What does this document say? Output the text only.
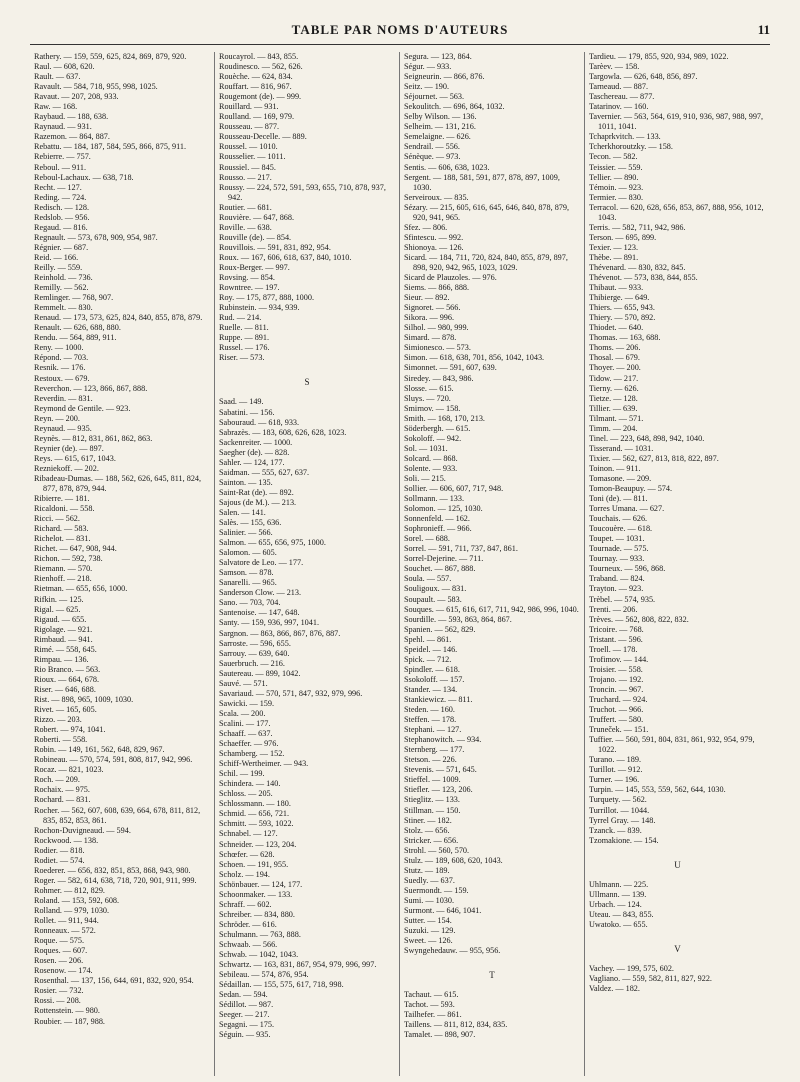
TABLE PAR NOMS D'AUTEURS	11
Rathery. — 159, 559, 625, 824, 869, 879, 920.
Raul. — 608, 620.
Rault. — 637.
Ravault. — 584, 718, 955, 998, 1025.
Ravaut. — 207, 208, 933.
Raw. — 168.
Raybaud. — 188, 638.
Raynaud. — 931.
Razemon. — 864, 887.
Rebattu. — 184, 187, 584, 595, 866, 875, 911.
Rebierre. — 757.
Reboul. — 911.
Reboul-Lachaux. — 638, 718.
Recht. — 127.
Reding. — 724.
Redisch. — 128.
Redslob. — 956.
Regaud. — 816.
Regnault. — 573, 678, 909, 954, 987.
Régnier. — 687.
Reid. — 166.
Reilly. — 559.
Reinhold. — 736.
Remilly. — 562.
Remlinger. — 768, 907.
Remmelt. — 830.
Renaud. — 173, 573, 625, 824, 840, 855, 878, 879.
Renault. — 626, 688, 880.
Rendu. — 564, 889, 911.
Reny. — 1000.
Répond. — 703.
Resnik. — 176.
Restoux. — 679.
Reverchon. — 123, 866, 867, 888.
Reverdin. — 831.
Reymond de Gentile. — 923.
Reyn. — 200.
Reynaud. — 935.
Reynès. — 812, 831, 861, 862, 863.
Reynier (de). — 897.
Reys. — 615, 617, 1043.
Rezniekoff. — 202.
Ribadeau-Dumas. — 188, 562, 626, 645, 811, 824, 877, 878, 879, 944.
Ribierre. — 181.
Ricaldoni. — 558.
Ricci. — 562.
Richard. — 583.
Richelot. — 831.
Richet. — 647, 908, 944.
Richon. — 592, 738.
Riemann. — 570.
Rienhoff. — 218.
Rietman. — 655, 656, 1000.
Rifkin. — 125.
Rigal. — 625.
Rigaud. — 655.
Rigolage. — 921.
Rimbaud. — 941.
Rimé. — 558, 645.
Rimpau. — 136.
Rio Branco. — 563.
Rioux. — 664, 678.
Riser. — 646, 688.
Rist. — 898, 965, 1009, 1030.
Rivet. — 165, 605.
Rizzo. — 203.
Robert. — 974, 1041.
Roberti. — 558.
Robin. — 149, 161, 562, 648, 829, 967.
Robineau. — 570, 574, 591, 808, 817, 942, 996.
Rocaz. — 821, 1023.
Roch. — 209.
Rochaix. — 975.
Rochard. — 831.
Rocher. — 562, 607, 608, 639, 664, 678, 811, 812, 835, 852, 853, 861.
Rochon-Duvigneaud. — 594.
Rockwood. — 138.
Rodier. — 818.
Rodiet. — 574.
Roederer. — 656, 832, 851, 853, 868, 943, 980.
Roger. — 582, 614, 638, 718, 720, 901, 911, 999.
Rohmer. — 812, 829.
Roland. — 153, 592, 608.
Rolland. — 979, 1030.
Rollet. — 911, 944.
Ronneaux. — 572.
Roque. — 575.
Roques. — 607.
Rosen. — 206.
Rosenow. — 174.
Rosenthal. — 137, 156, 644, 691, 832, 920, 954.
Rosier. — 732.
Rossi. — 208.
Rottenstein. — 980.
Roubier. — 187, 988.
Roucayrol. — 843, 855.
Roudinesco. — 562, 626.
Rouèche. — 624, 834.
Rouffart. — 816, 967.
Rougemont (de). — 999.
Rouillard. — 931.
Roulland. — 169, 979.
Rousseau. — 877.
Rousseau-Decelle. — 889.
Roussel. — 1010.
Rousselier. — 1011.
Roussiel. — 845.
Rousso. — 217.
Roussy. — 224, 572, 591, 593, 655, 710, 878, 937, 942.
Routier. — 681.
Rouvière. — 647, 868.
Roville. — 638.
Rouville (de). — 854.
Rouvillois. — 591, 831, 892, 954.
Roux. — 167, 606, 618, 637, 840, 1010.
Roux-Berger. — 997.
Rovsing. — 854.
Rowntree. — 197.
Roy. — 175, 877, 888, 1000.
Rubinstein. — 934, 939.
Rud. — 214.
Ruelle. — 811.
Ruppe. — 891.
Russel. — 176.
Riser. — 573.
S
Saad. — 149.
Sabatini. — 156.
Sabouraud. — 618, 933.
Sabrazès. — 183, 608, 626, 628, 1023.
Sackenreiter. — 1000.
Saegher (de). — 828.
Sahler. — 124, 177.
Saidman. — 555, 627, 637.
Sainton. — 135.
Saint-Rat (de). — 892.
Sajous (de M.). — 213.
Salen. — 141.
Salès. — 155, 636.
Salinier. — 566.
Salmon. — 655, 656, 975, 1000.
Salomon. — 605.
Salvatore de Leo. — 177.
Samson. — 878.
Sanarelli. — 965.
Sanderson Clow. — 213.
Sano. — 703, 704.
Santenoise. — 147, 648.
Santy. — 159, 936, 997, 1041.
Sargnon. — 863, 866, 867, 876, 887.
Sarroste. — 596, 655.
Sarrouy. — 639, 640.
Sauerbruch. — 216.
Sautereau. — 899, 1042.
Sauvé. — 571.
Savariaud. — 570, 571, 847, 932, 979, 996.
Sawicki. — 159.
Scala. — 200.
Scalini. — 177.
Schaaff. — 637.
Schaeffer. — 976.
Schamberg. — 152.
Schiff-Wertheimer. — 943.
Schil. — 199.
Schindera. — 140.
Schloss. — 205.
Schlossmann. — 180.
Schmid. — 656, 721.
Schmitt. — 593, 1022.
Schnabel. — 127.
Schneider. — 123, 204.
Schœfer. — 628.
Schoen. — 191, 955.
Scholz. — 194.
Schönbauer. — 124, 177.
Schoonmaker. — 133.
Schraff. — 602.
Schreiber. — 834, 880.
Schröder. — 616.
Schulmann. — 763, 888.
Schwaab. — 566.
Schwab. — 1042, 1043.
Schwartz. — 163, 831, 867, 954, 979, 996, 997.
Sebileau. — 574, 876, 954.
Sédaillan. — 155, 575, 617, 718, 998.
Sedan. — 594.
Sédillot. — 987.
Seeger. — 217.
Segagni. — 175.
Séguin. — 935.
Segura. — 123, 864.
Ségur. — 933.
Seigneurin. — 866, 876.
Seitz. — 190.
Séjournet. — 563.
Sekoulitch. — 696, 864, 1032.
Selby Wilson. — 136.
Selheim. — 131, 216.
Semelaigne. — 626.
Sendrail. — 556.
Sénèque. — 973.
Sentis. — 606, 638, 1023.
Sergent. — 188, 581, 591, 877, 878, 897, 1009, 1030.
Serveiroux. — 835.
Sézary. — 215, 605, 616, 645, 646, 840, 878, 879, 920, 941, 965.
Sfez. — 806.
Sfintescu. — 992.
Shionoya. — 126.
Sicard. — 184, 711, 720, 824, 840, 855, 879, 897, 898, 920, 942, 965, 1023, 1029.
Sicard de Plauzoles. — 976.
Siems. — 866, 888.
Sieur. — 892.
Signoret. — 566.
Sikora. — 996.
Silhol. — 980, 999.
Simard. — 878.
Simionesco. — 573.
Simon. — 618, 638, 701, 856, 1042, 1043.
Simonnet. — 591, 607, 639.
Siredey. — 843, 986.
Slosse. — 615.
Sluys. — 720.
Smirnov. — 158.
Smith. — 168, 170, 213.
Söderbergh. — 615.
Sokoloff. — 942.
Sol. — 1031.
Solcard. — 868.
Solente. — 933.
Soli. — 215.
Sollier. — 606, 607, 717, 948.
Sollmann. — 133.
Solomon. — 125, 1030.
Sonnenfeld. — 162.
Sophronieff. — 966.
Sorel. — 688.
Sorrel. — 591, 711, 737, 847, 861.
Sorrel-Dejerine. — 711.
Souchet. — 867, 888.
Soula. — 557.
Souligoux. — 831.
Soupault. — 583.
Souques. — 615, 616, 617, 711, 942, 986, 996, 1040.
Sourdille. — 593, 863, 864, 867.
Spanien. — 562, 829.
Spehl. — 861.
Speidel. — 146.
Spick. — 712.
Spindler. — 618.
Ssokoloff. — 157.
Stander. — 134.
Stankiewicz. — 811.
Steden. — 160.
Steffen. — 178.
Stephani. — 127.
Stephanowitch. — 934.
Sternberg. — 177.
Stetson. — 226.
Stevenis. — 571, 645.
Stieffel. — 1009.
Stiefler. — 123, 206.
Stieglitz. — 133.
Stillman. — 150.
Stiner. — 182.
Stolz. — 656.
Stricker. — 656.
Strohl. — 560, 570.
Stulz. — 189, 608, 620, 1043.
Stutz. — 189.
Suedly. — 637.
Suermondt. — 159.
Sumi. — 1030.
Surmont. — 646, 1041.
Sutter. — 154.
Suzuki. — 129.
Sweet. — 126.
Swyngehedauw. — 955, 956.
T
Tachaut. — 615.
Tachot. — 593.
Tailhefer. — 861.
Taillens. — 811, 812, 834, 835.
Tamalet. — 898, 907.
Tardieu. — 179, 855, 920, 934, 989, 1022.
Tarèev. — 158.
Targowla. — 626, 648, 856, 897.
Tarneaud. — 887.
Taschereau. — 877.
Tatarinov. — 160.
Tavernier. — 563, 564, 619, 910, 936, 987, 988, 997, 1011, 1041.
Tchaprkvitch. — 133.
Tcherkhoroutzky. — 158.
Tecon. — 582.
Teissier. — 559.
Tellier. — 890.
Témoin. — 923.
Termier. — 830.
Terracol. — 620, 628, 656, 853, 867, 888, 956, 1012, 1043.
Terris. — 582, 711, 942, 986.
Terson. — 695, 899.
Texier. — 123.
Thèbe. — 891.
Thévenard. — 830, 832, 845.
Thévenot. — 573, 838, 844, 855.
Thibaut. — 933.
Thibierge. — 649.
Thiers. — 655, 943.
Thiery. — 570, 892.
Thiodet. — 640.
Thomas. — 163, 688.
Thoms. — 206.
Thosal. — 679.
Thoyer. — 200.
Tidow. — 217.
Tierny. — 626.
Tietze. — 128.
Tillier. — 639.
Tilmant. — 571.
Timm. — 204.
Tinel. — 223, 648, 898, 942, 1040.
Tisserand. — 1031.
Tixier. — 562, 627, 813, 818, 822, 897.
Toinon. — 911.
Tomasone. — 209.
Tomon-Beaupuy. — 574.
Toni (de). — 811.
Torres Umana. — 627.
Touchais. — 626.
Toucouère. — 618.
Toupet. — 1031.
Tournade. — 575.
Tournay. — 933.
Tourneux. — 596, 868.
Traband. — 824.
Trayton. — 923.
Trèbel. — 574, 935.
Trenti. — 206.
Trèves. — 562, 808, 822, 832.
Tricoire. — 768.
Tristant. — 596.
Troell. — 178.
Trofimov. — 144.
Troisier. — 558.
Trojano. — 192.
Troncin. — 967.
Truchard. — 924.
Truchot. — 966.
Truffert. — 580.
Truneček. — 151.
Tuffier. — 560, 591, 804, 831, 861, 932, 954, 979, 1022.
Turano. — 189.
Turillot. — 912.
Turner. — 196.
Turpin. — 145, 553, 559, 562, 644, 1030.
Turquety. — 562.
Turrillot. — 1044.
Tyrrel Gray. — 148.
Tzanck. — 839.
Tzomakione. — 154.
U
Uhlmann. — 225.
Ullmann. — 139.
Urbach. — 124.
Uteau. — 843, 855.
Uwatoko. — 655.
V
Vachey. — 199, 575, 602.
Vagliano. — 559, 582, 811, 827, 922.
Valdez. — 182.
